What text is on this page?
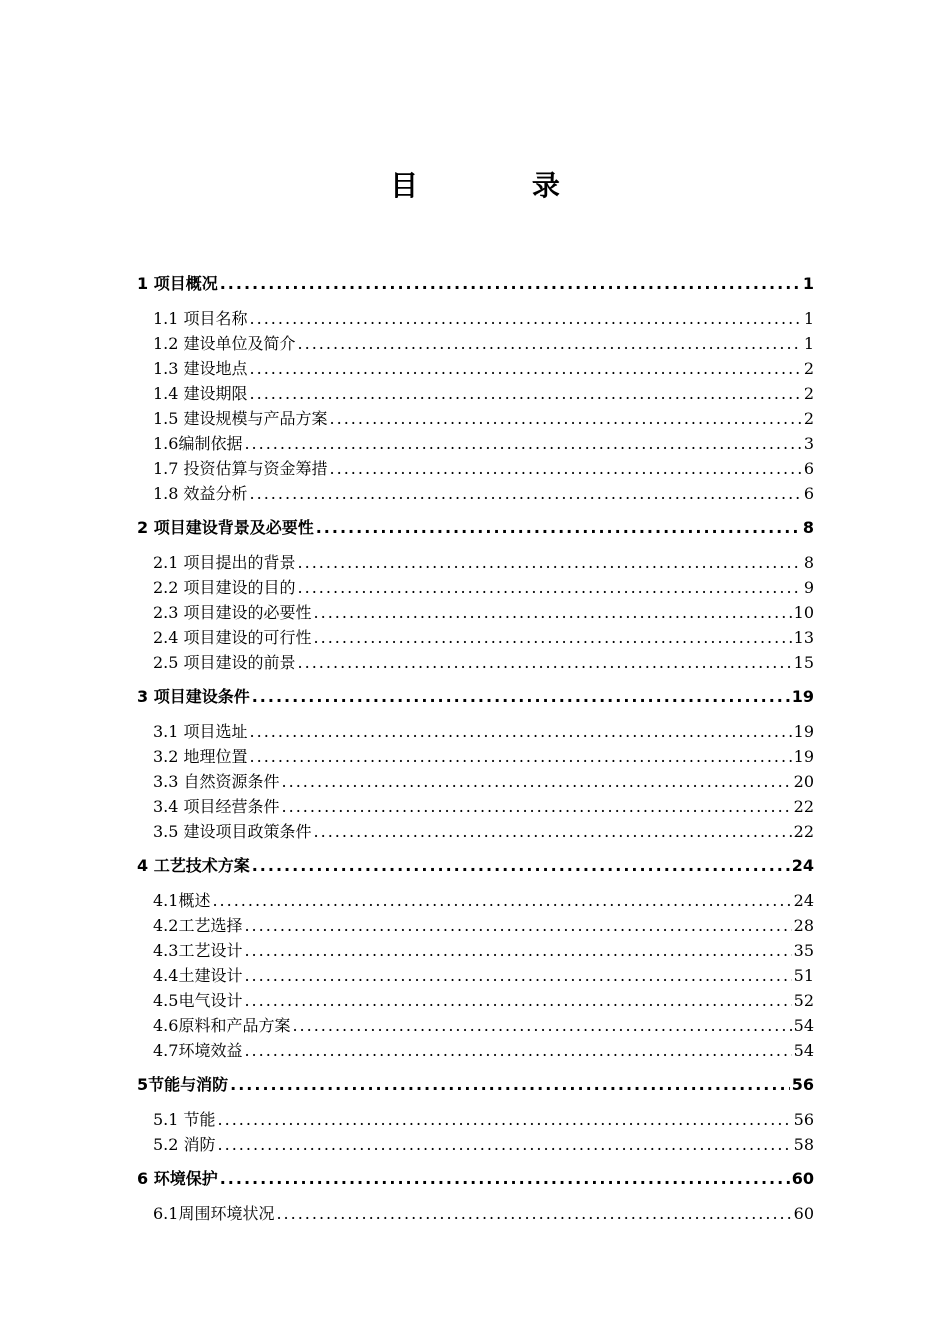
目 录
1 项目概况 .....	1
1.1 项目名称 .....	1
1.2 建设单位及简介 .....	1
1.3 建设地点 .....	2
1.4 建设期限 .....	2
1.5 建设规模与产品方案 .....	2
1.6编制依据 .....	3
1.7 投资估算与资金筹措 .....	6
1.8 效益分析 .....	6
2 项目建设背景及必要性 .....	8
2.1 项目提出的背景 .....	8
2.2 项目建设的目的 .....	9
2.3 项目建设的必要性 .....	10
2.4 项目建设的可行性 .....	13
2.5 项目建设的前景 .....	15
3 项目建设条件 .....	19
3.1 项目选址 .....	19
3.2 地理位置 .....	19
3.3 自然资源条件 .....	20
3.4 项目经营条件 .....	22
3.5 建设项目政策条件 .....	22
4 工艺技术方案 .....	24
4.1概述 .....	24
4.2工艺选择 .....	28
4.3工艺设计 .....	35
4.4土建设计 .....	51
4.5电气设计 .....	52
4.6原料和产品方案 .....	54
4.7环境效益 .....	54
5节能与消防 .....	56
5.1 节能 .....	56
5.2 消防 .....	58
6 环境保护 .....	60
6.1周围环境状况 .....	60
